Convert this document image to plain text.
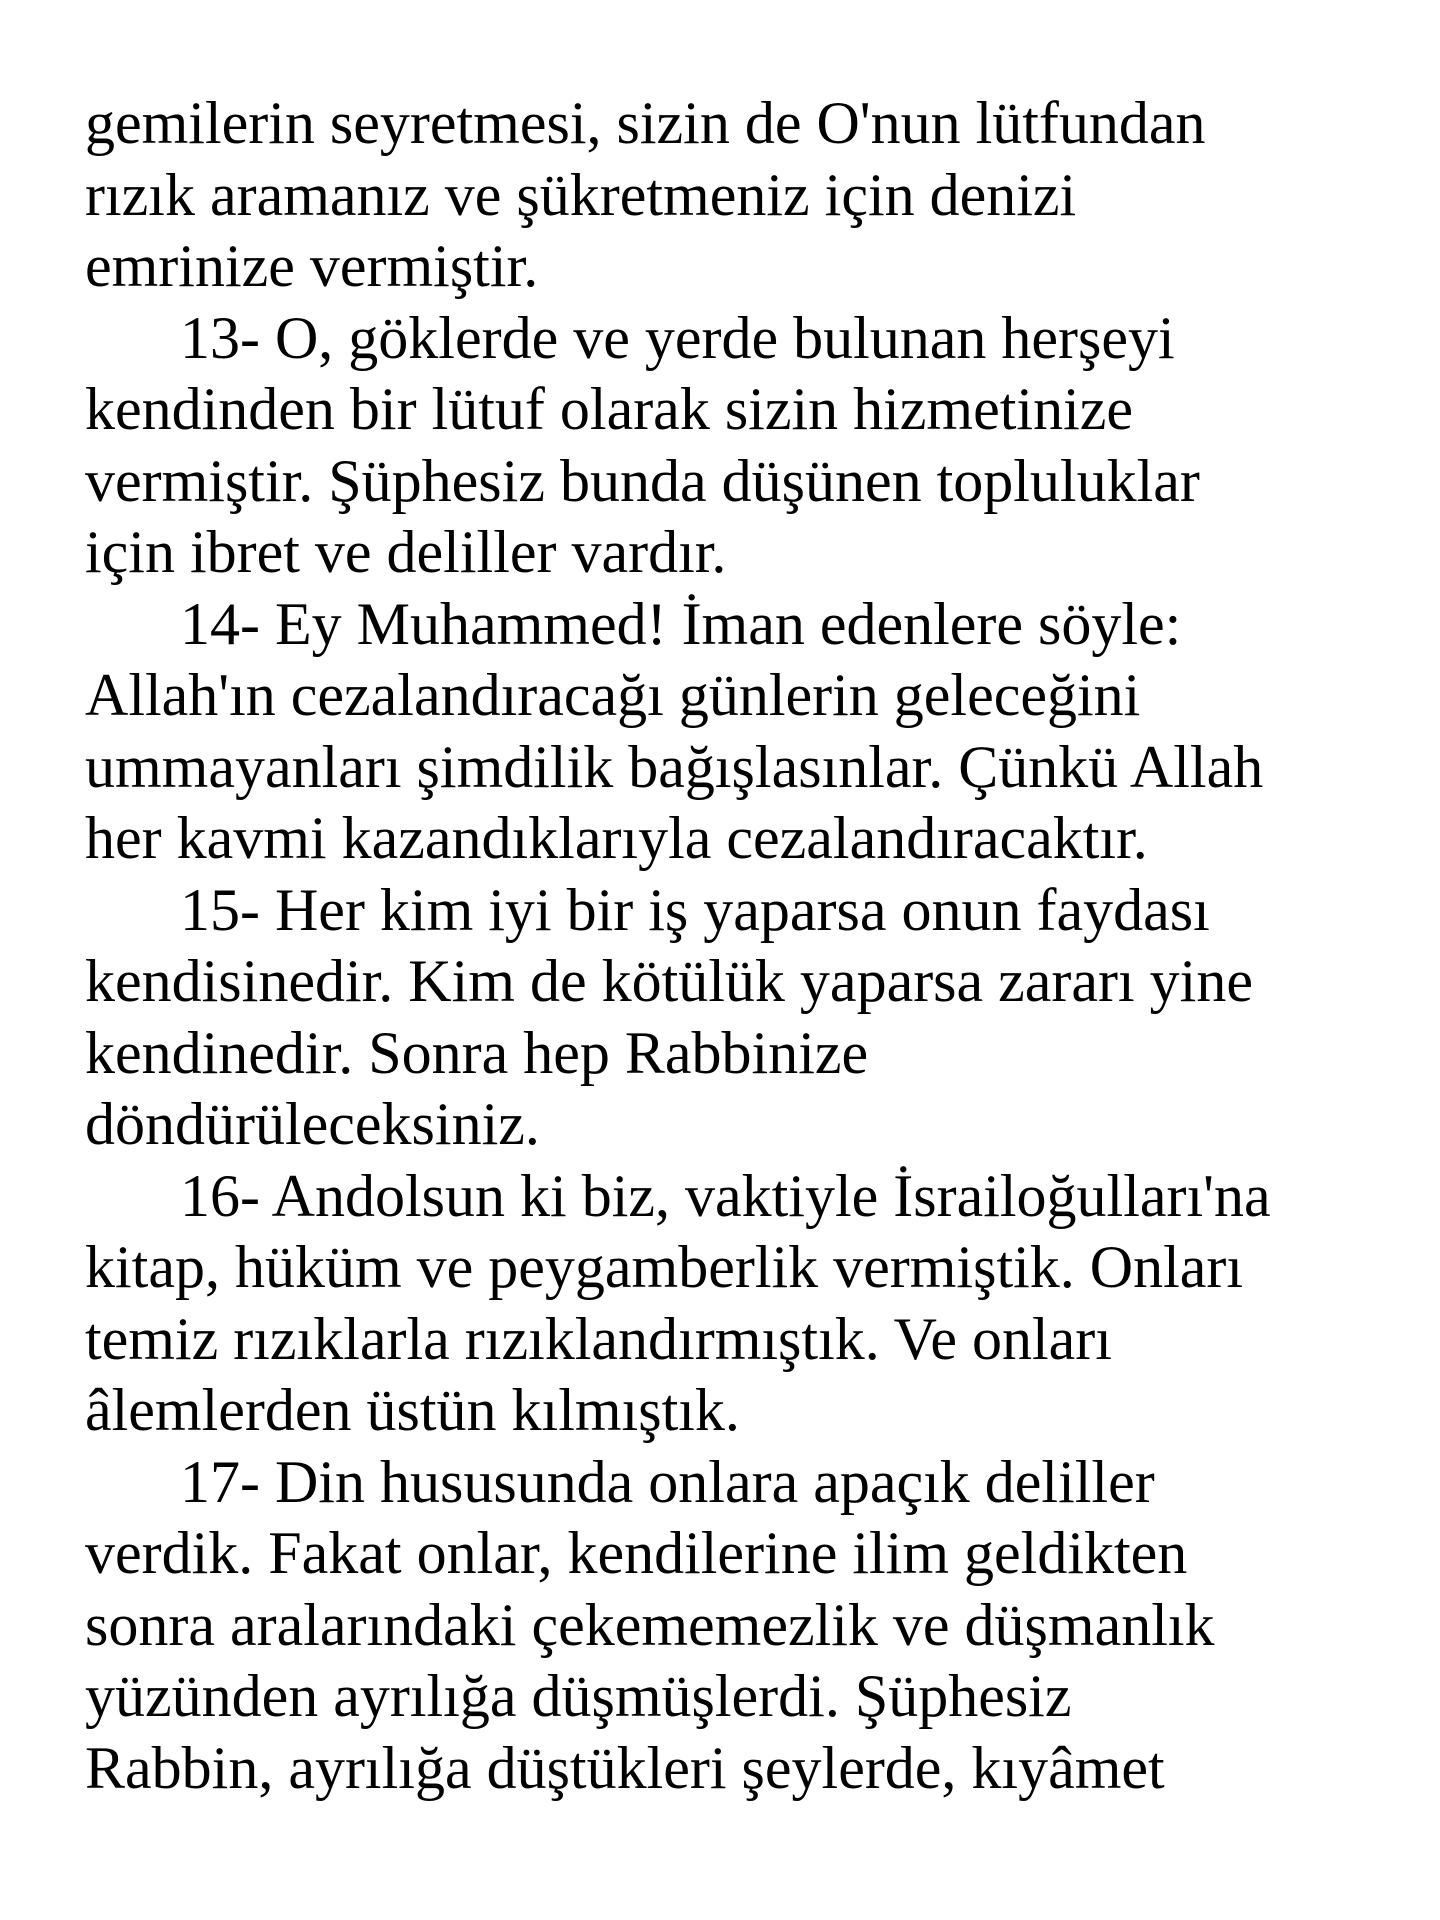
gemilerin seyretmesi, sizin de O'nun lütfundan
rızık aramanız ve şükretmeniz için denizi
emrinize vermiştir.
13- O, göklerde ve yerde bulunan herşeyi
kendinden bir lütuf olarak sizin hizmetinize
vermiştir. Şüphesiz bunda düşünen topluluklar
için ibret ve deliller vardır.
14- Ey Muhammed! İman edenlere söyle:
Allah'ın cezalandıracağı günlerin geleceğini
ummayanları şimdilik bağışlasınlar. Çünkü Allah
her kavmi kazandıklarıyla cezalandıracaktır.
15- Her kim iyi bir iş yaparsa onun faydası
kendisinedir. Kim de kötülük yaparsa zararı yine
kendinedir. Sonra hep Rabbinize
döndürüleceksiniz.
16- Andolsun ki biz, vaktiyle İsrailoğulları'na
kitap, hüküm ve peygamberlik vermiştik. Onları
temiz rızıklarla rızıklandırmıştık. Ve onları
âlemlerden üstün kılmıştık.
17- Din hususunda onlara apaçık deliller
verdik. Fakat onlar, kendilerine ilim geldikten
sonra aralarındaki çekememezlik ve düşmanlık
yüzünden ayrılığa düşmüşlerdi. Şüphesiz
Rabbin, ayrılığa düştükleri şeylerde, kıyâmet
